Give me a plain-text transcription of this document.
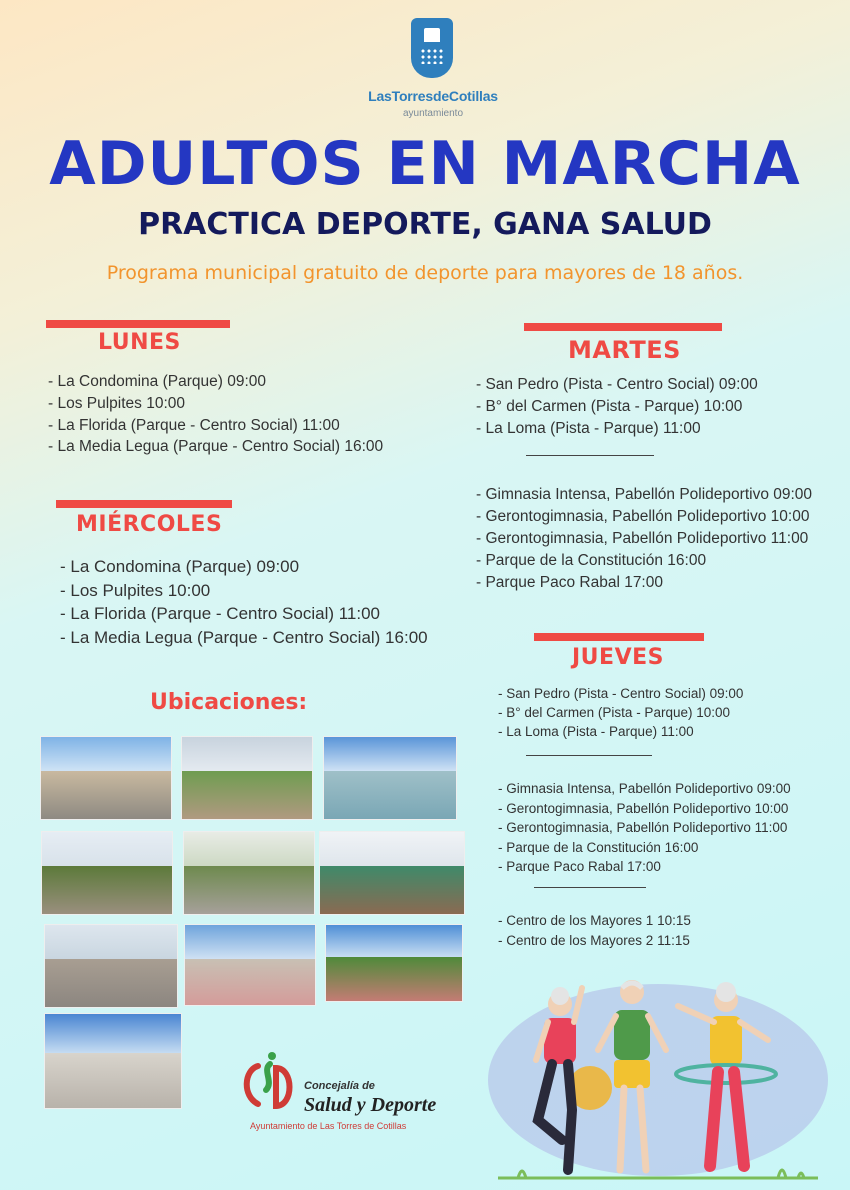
LasTorresdeCotillas
ayuntamiento
ADULTOS EN MARCHA
PRACTICA DEPORTE, GANA SALUD
Programa municipal gratuito de deporte para mayores de 18 años.
LUNES
- La Condomina (Parque) 09:00
- Los Pulpites 10:00
- La Florida (Parque - Centro Social) 11:00
- La Media Legua (Parque - Centro Social) 16:00
MIÉRCOLES
- La Condomina (Parque) 09:00
- Los Pulpites 10:00
- La Florida (Parque - Centro Social) 11:00
- La Media Legua (Parque - Centro Social) 16:00
MARTES
- San Pedro (Pista - Centro Social) 09:00
- B° del Carmen (Pista - Parque) 10:00
- La Loma (Pista - Parque) 11:00
- Gimnasia Intensa, Pabellón Polideportivo 09:00
- Gerontogimnasia, Pabellón Polideportivo 10:00
- Gerontogimnasia, Pabellón Polideportivo 11:00
- Parque de la Constitución 16:00
- Parque Paco Rabal 17:00
JUEVES
- San Pedro (Pista - Centro Social) 09:00
- B° del Carmen (Pista - Parque) 10:00
- La Loma (Pista - Parque) 11:00
- Gimnasia Intensa, Pabellón Polideportivo 09:00
- Gerontogimnasia, Pabellón Polideportivo 10:00
- Gerontogimnasia, Pabellón Polideportivo 11:00
- Parque de la Constitución 16:00
- Parque Paco Rabal 17:00
- Centro de los Mayores 1 10:15
- Centro de los Mayores 2 11:15
Ubicaciones:
Concejalía de
Salud y Deporte
Ayuntamiento de Las Torres de Cotillas
